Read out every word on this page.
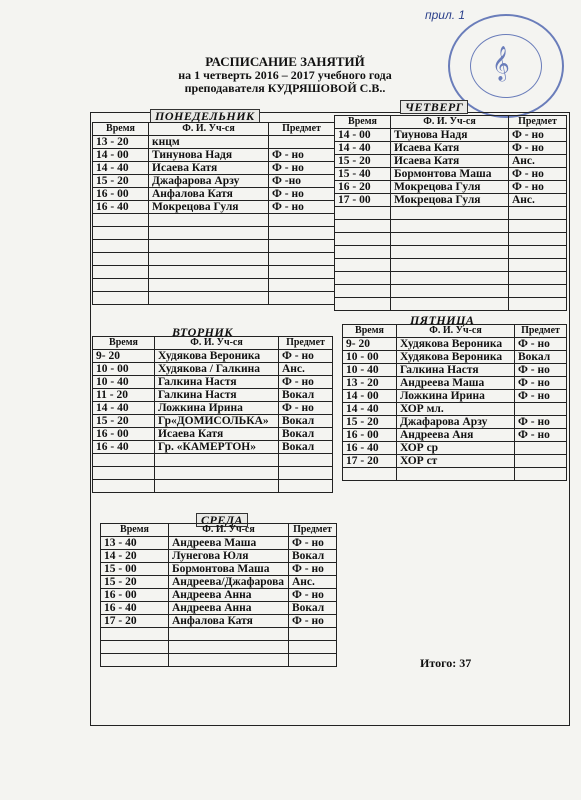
прил. 1
𝄞
РАСПИСАНИЕ ЗАНЯТИЙ
на 1 четверть 2016 – 2017 учебного года
преподавателя КУДРЯШОВОЙ С.В..
ПОНЕДЕЛЬНИК
Время	Ф. И. Уч-ся	Предмет
13 - 20	кнцм	
14 - 00	Тинунова Надя	Ф - но
14 - 40	Исаева Катя	Ф - но
15 - 20	Джафарова Арзу	Ф -но
16 - 00	Анфалова Катя	Ф - но
16 - 40	Мокрецова Гуля	Ф - но

ЧЕТВЕРГ
Время	Ф. И. Уч-ся	Предмет
14 - 00	Тиунова Надя	Ф - но
14 - 40	Исаева Катя	Ф - но
15 - 20	Исаева Катя	Анс.
15 - 40	Бормонтова Маша	Ф - но
16 - 20	Мокрецова Гуля	Ф - но
17 - 00	Мокрецова Гуля	Анс.

ВТОРНИК
Время	Ф. И. Уч-ся	Предмет
9- 20	Худякова Вероника	Ф - но
10 - 00	Худякова / Галкина	Анс.
10 - 40	Галкина Настя	Ф - но
11 - 20	Галкина Настя	Вокал
14 - 40	Ложкина Ирина	Ф - но
15 - 20	Гр«ДОМИСОЛЬКА»	Вокал
16 - 00	Исаева Катя	Вокал
16 - 40	Гр. «КАМЕРТОН»	Вокал

ПЯТНИЦА
Время	Ф. И. Уч-ся	Предмет
9- 20	Худякова Вероника	Ф - но
10 - 00	Худякова Вероника	Вокал
10 - 40	Галкина Настя	Ф - но
13 - 20	Андреева Маша	Ф - но
14 - 00	Ложкина Ирина	Ф - но
14 - 40	ХОР мл.	
15 - 20	Джафарова Арзу	Ф - но
16 - 00	Андреева Аня	Ф - но
16 - 40	ХОР ср	
17 - 20	ХОР ст	

СРЕДА
Время	Ф. И. Уч-ся	Предмет
13 - 40	Андреева Маша	Ф - но
14 - 20	Лунегова Юля	Вокал
15 - 00	Бормонтова Маша	Ф - но
15 - 20	Андреева/Джафарова	Анс.
16 - 00	Андреева Анна	Ф - но
16 - 40	Андреева Анна	Вокал
17 - 20	Анфалова Катя	Ф - но

Итого: 37
